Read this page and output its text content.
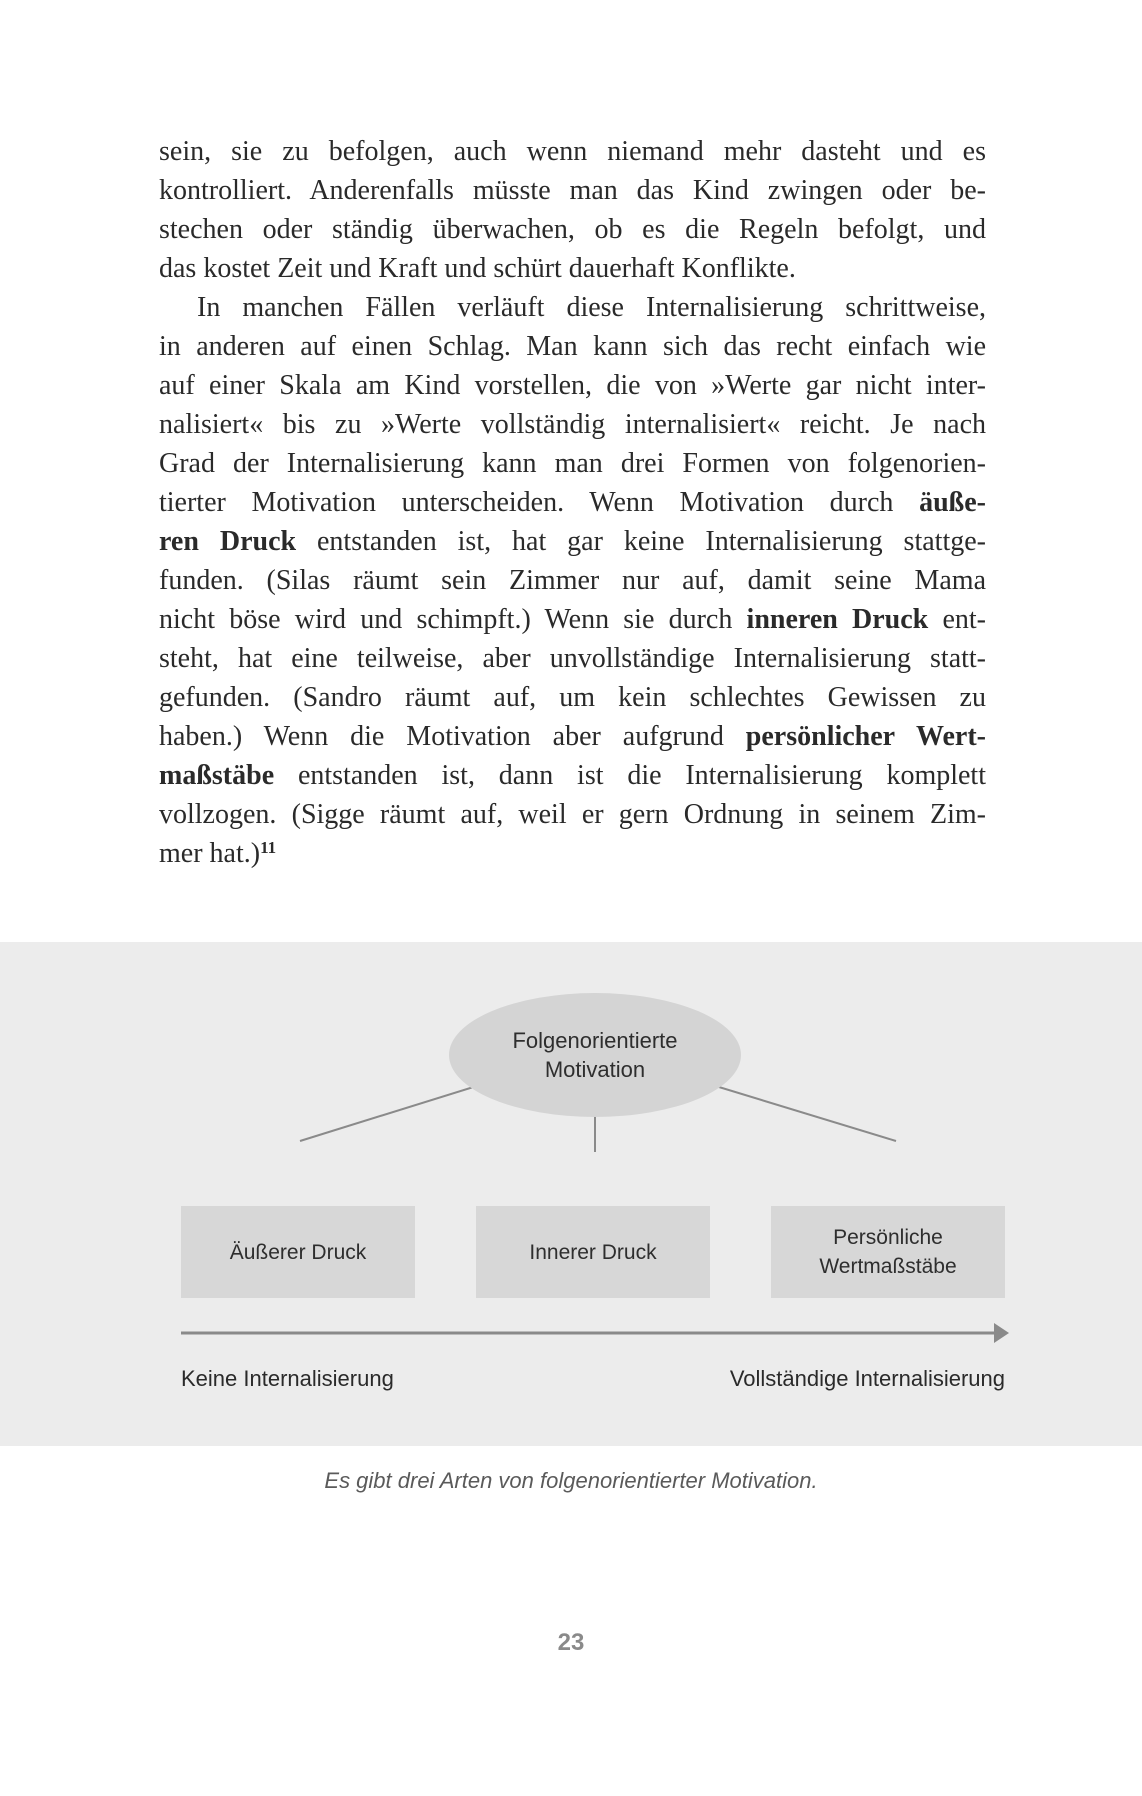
sein, sie zu befolgen, auch wenn niemand mehr dasteht und es
kontrolliert. Anderenfalls müsste man das Kind zwingen oder be-
stechen oder ständig überwachen, ob es die Regeln befolgt, und
das kostet Zeit und Kraft und schürt dauerhaft Konflikte.
In manchen Fällen verläuft diese Internalisierung schrittweise,
in anderen auf einen Schlag. Man kann sich das recht einfach wie
auf einer Skala am Kind vorstellen, die von »Werte gar nicht inter-
nalisiert« bis zu »Werte vollständig internalisiert« reicht. Je nach
Grad der Internalisierung kann man drei Formen von folgenorien-
tierter Motivation unterscheiden. Wenn Motivation durch äuße-
ren Druck entstanden ist, hat gar keine Internalisierung stattge-
funden. (Silas räumt sein Zimmer nur auf, damit seine Mama
nicht böse wird und schimpft.) Wenn sie durch inneren Druck ent-
steht, hat eine teilweise, aber unvollständige Internalisierung statt-
gefunden. (Sandro räumt auf, um kein schlechtes Gewissen zu
haben.) Wenn die Motivation aber aufgrund persönlicher Wert-
maßstäbe entstanden ist, dann ist die Internalisierung komplett
vollzogen. (Sigge räumt auf, weil er gern Ordnung in seinem Zim-
mer hat.)$^{11}$
Folgenorientierte
Motivation
Äußerer Druck	Innerer Druck
Persönliche
Wertmaßstäbe
Keine Internalisierung	Vollständige Internalisierung
Es gibt drei Arten von folgenorientierter Motivation.
23
